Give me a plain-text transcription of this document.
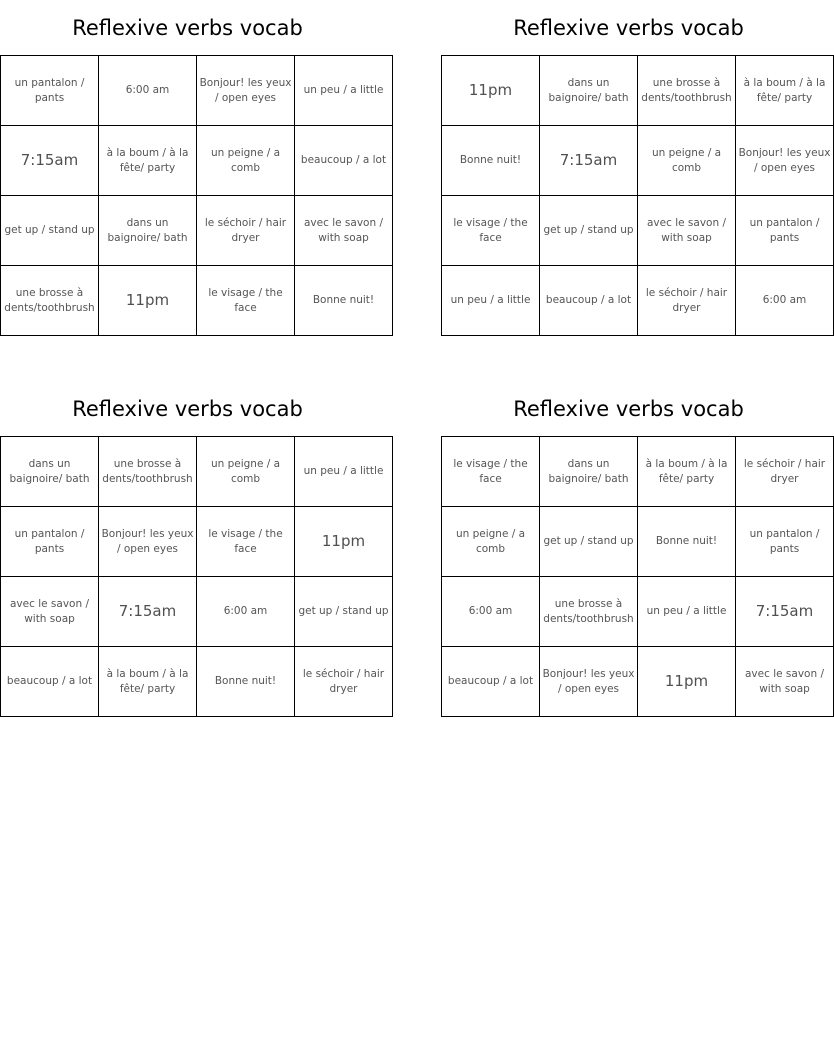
Reflexive verbs vocab
un pantalon / pants	6:00 am	Bonjour! les yeux / open eyes	un peu / a little
7:15am	à la boum / à la fête/ party	un peigne / a comb	beaucoup / a lot
get up / stand up	dans un baignoire/ bath	le séchoir / hair dryer	avec le savon / with soap
une brosse à dents/toothbrush	11pm	le visage / the face	Bonne nuit!
Reflexive verbs vocab
11pm	dans un baignoire/ bath	une brosse à dents/toothbrush	à la boum / à la fête/ party
Bonne nuit!	7:15am	un peigne / a comb	Bonjour! les yeux / open eyes
le visage / the face	get up / stand up	avec le savon / with soap	un pantalon / pants
un peu / a little	beaucoup / a lot	le séchoir / hair dryer	6:00 am
Reflexive verbs vocab
dans un baignoire/ bath	une brosse à dents/toothbrush	un peigne / a comb	un peu / a little
un pantalon / pants	Bonjour! les yeux / open eyes	le visage / the face	11pm
avec le savon / with soap	7:15am	6:00 am	get up / stand up
beaucoup / a lot	à la boum / à la fête/ party	Bonne nuit!	le séchoir / hair dryer
Reflexive verbs vocab
le visage / the face	dans un baignoire/ bath	à la boum / à la fête/ party	le séchoir / hair dryer
un peigne / a comb	get up / stand up	Bonne nuit!	un pantalon / pants
6:00 am	une brosse à dents/toothbrush	un peu / a little	7:15am
beaucoup / a lot	Bonjour! les yeux / open eyes	11pm	avec le savon / with soap
